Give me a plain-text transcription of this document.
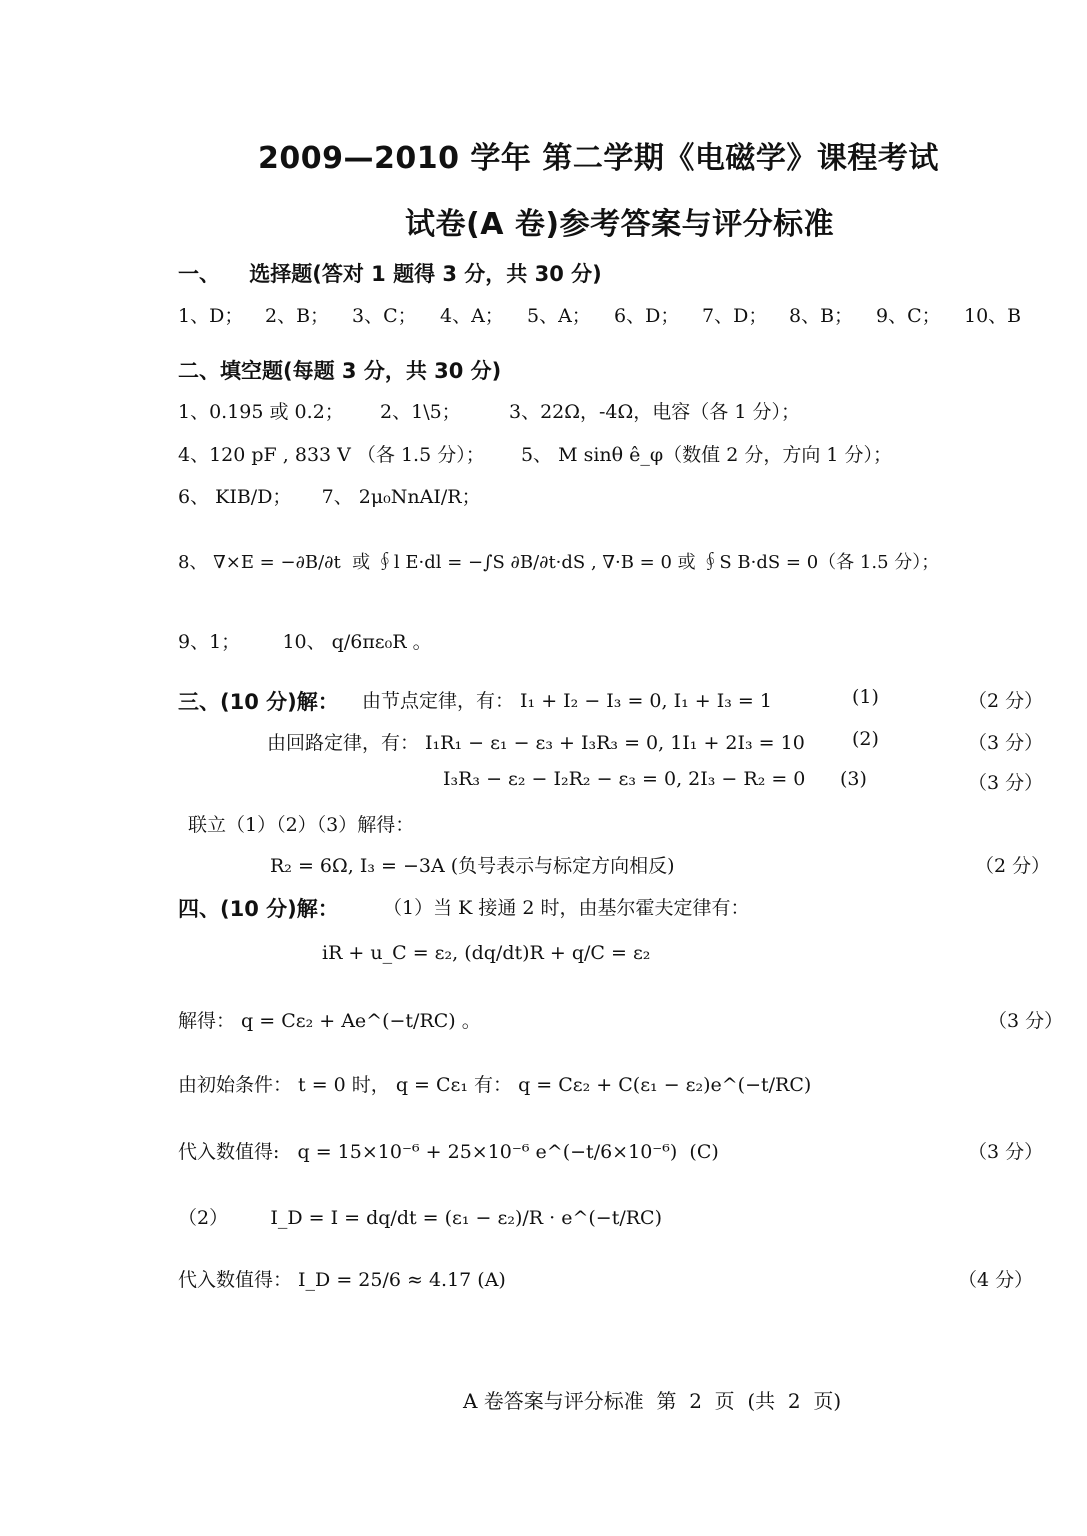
2009—2010 学年 第二学期《电磁学》课程考试
试卷(A 卷)参考答案与评分标准
一、    选择题(答对 1 题得 3 分，共 30 分)
1、D； 2、B； 3、C； 4、A； 5、A； 6、D； 7、D； 8、B； 9、C； 10、B
二、填空题(每题 3 分，共 30 分)
1、0.195 或 0.2；      2、1\5；        3、22Ω，-4Ω，电容（各 1 分）；
4、120 pF , 833 V （各 1.5 分）；      5、 M sinθ ê_φ（数值 2 分，方向 1 分）；
6、 KIB/D；     7、 2μ₀NnAI/R；
8、 ∇×E = −∂B/∂t  或 ∮l E·dl = −∫S ∂B/∂t·dS , ∇·B = 0 或 ∮S B·dS = 0（各 1.5 分）；
9、1；       10、 q/6πε₀R 。
三、(10 分)解： 由节点定律，有： I₁ + I₂ − I₃ = 0, I₁ + I₃ = 1	(1)	（2 分）
由回路定律，有： I₁R₁ − ε₁ − ε₃ + I₃R₃ = 0, 1I₁ + 2I₃ = 10 (2)	（3 分）
I₃R₃ − ε₂ − I₂R₂ − ε₃ = 0, 2I₃ − R₂ = 0 (3)	（3 分）
联立（1）（2）（3）解得：
R₂ = 6Ω, I₃ = −3A (负号表示与标定方向相反)	（2 分）
四、(10 分)解： （1）当 K 接通 2 时，由基尔霍夫定律有：
iR + u_C = ε₂, (dq/dt)R + q/C = ε₂
解得： q = Cε₂ + Ae^(−t/RC) 。	（3 分）
由初始条件： t = 0 时， q = Cε₁ 有： q = Cε₂ + C(ε₁ − ε₂)e^(−t/RC)
代入数值得:   q = 15×10⁻⁶ + 25×10⁻⁶ e^(−t/6×10⁻⁶)  (C)	（3 分）
（2）       I_D = I = dq/dt = (ε₁ − ε₂)/R · e^(−t/RC)
代入数值得： I_D = 25/6 ≈ 4.17 (A)	（4 分）
A 卷答案与评分标准  第  2  页  (共  2  页)
